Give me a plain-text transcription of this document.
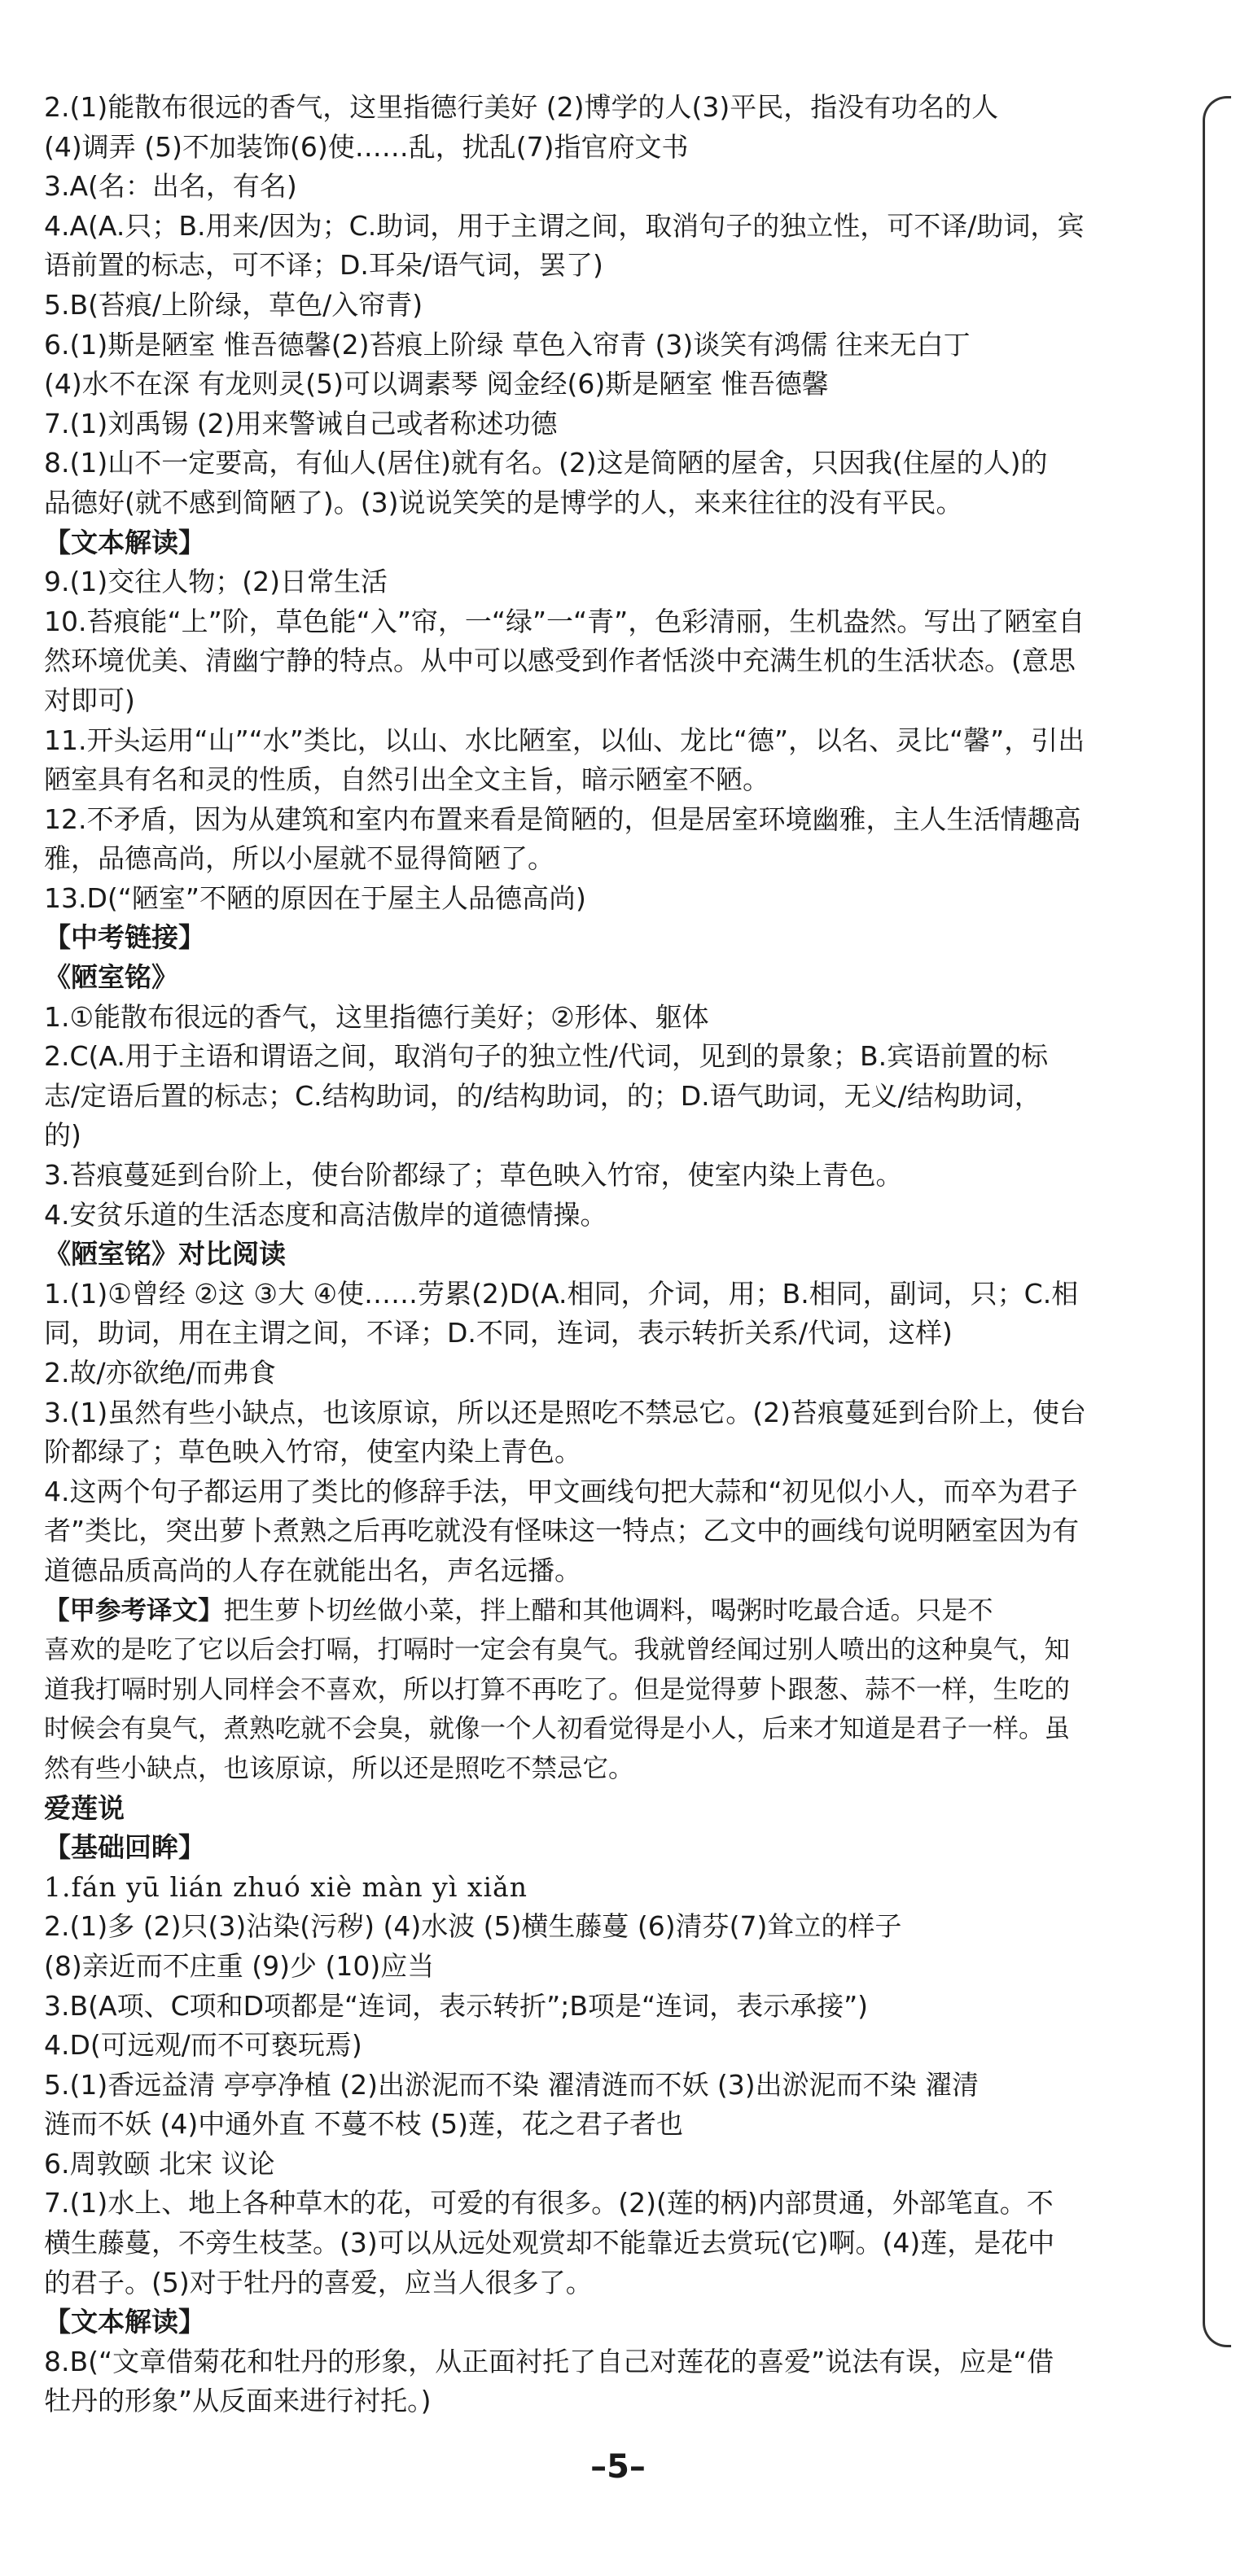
2.(1)能散布很远的香气，这里指德行美好 (2)博学的人(3)平民，指没有功名的人
(4)调弄 (5)不加装饰(6)使……乱，扰乱(7)指官府文书
3.A(名：出名，有名)
4.A(A.只；B.用来/因为；C.助词，用于主谓之间，取消句子的独立性，可不译/助词，宾
语前置的标志，可不译；D.耳朵/语气词，罢了)
5.B(苔痕/上阶绿，草色/入帘青)
6.(1)斯是陋室 惟吾德馨(2)苔痕上阶绿 草色入帘青 (3)谈笑有鸿儒 往来无白丁
(4)水不在深 有龙则灵(5)可以调素琴 阅金经(6)斯是陋室 惟吾德馨
7.(1)刘禹锡 (2)用来警诫自己或者称述功德
8.(1)山不一定要高，有仙人(居住)就有名。(2)这是简陋的屋舍，只因我(住屋的人)的
品德好(就不感到简陋了)。(3)说说笑笑的是博学的人，来来往往的没有平民。
【文本解读】
9.(1)交往人物；(2)日常生活
10.苔痕能“上”阶，草色能“入”帘，一“绿”一“青”，色彩清丽，生机盎然。写出了陋室自
然环境优美、清幽宁静的特点。从中可以感受到作者恬淡中充满生机的生活状态。(意思
对即可)
11.开头运用“山”“水”类比，以山、水比陋室，以仙、龙比“德”，以名、灵比“馨”，引出
陋室具有名和灵的性质，自然引出全文主旨，暗示陋室不陋。
12.不矛盾，因为从建筑和室内布置来看是简陋的，但是居室环境幽雅，主人生活情趣高
雅，品德高尚，所以小屋就不显得简陋了。
13.D(“陋室”不陋的原因在于屋主人品德高尚)
【中考链接】
《陋室铭》
1.①能散布很远的香气，这里指德行美好；②形体、躯体
2.C(A.用于主语和谓语之间，取消句子的独立性/代词，见到的景象；B.宾语前置的标
志/定语后置的标志；C.结构助词，的/结构助词，的；D.语气助词，无义/结构助词，
的)
3.苔痕蔓延到台阶上，使台阶都绿了；草色映入竹帘，使室内染上青色。
4.安贫乐道的生活态度和高洁傲岸的道德情操。
《陋室铭》对比阅读
1.(1)①曾经 ②这 ③大 ④使……劳累(2)D(A.相同，介词，用；B.相同，副词，只；C.相
同，助词，用在主谓之间，不译；D.不同，连词，表示转折关系/代词，这样)
2.故/亦欲绝/而弗食
3.(1)虽然有些小缺点，也该原谅，所以还是照吃不禁忌它。(2)苔痕蔓延到台阶上，使台
阶都绿了；草色映入竹帘，使室内染上青色。
4.这两个句子都运用了类比的修辞手法，甲文画线句把大蒜和“初见似小人，而卒为君子
者”类比，突出萝卜煮熟之后再吃就没有怪味这一特点；乙文中的画线句说明陋室因为有
道德品质高尚的人存在就能出名，声名远播。
【甲参考译文】把生萝卜切丝做小菜，拌上醋和其他调料，喝粥时吃最合适。只是不
喜欢的是吃了它以后会打嗝，打嗝时一定会有臭气。我就曾经闻过别人喷出的这种臭气，知
道我打嗝时别人同样会不喜欢，所以打算不再吃了。但是觉得萝卜跟葱、蒜不一样，生吃的
时候会有臭气，煮熟吃就不会臭，就像一个人初看觉得是小人，后来才知道是君子一样。虽
然有些小缺点，也该原谅，所以还是照吃不禁忌它。
爱莲说
【基础回眸】
1.fán yū lián zhuó xiè màn yì xiǎn
2.(1)多 (2)只(3)沾染(污秽) (4)水波 (5)横生藤蔓 (6)清芬(7)耸立的样子
(8)亲近而不庄重 (9)少 (10)应当
3.B(A项、C项和D项都是“连词，表示转折”;B项是“连词，表示承接”)
4.D(可远观/而不可亵玩焉)
5.(1)香远益清 亭亭净植 (2)出淤泥而不染 濯清涟而不妖 (3)出淤泥而不染 濯清
涟而不妖 (4)中通外直 不蔓不枝 (5)莲，花之君子者也
6.周敦颐 北宋 议论
7.(1)水上、地上各种草木的花，可爱的有很多。(2)(莲的柄)内部贯通，外部笔直。不
横生藤蔓，不旁生枝茎。(3)可以从远处观赏却不能靠近去赏玩(它)啊。(4)莲，是花中
的君子。(5)对于牡丹的喜爱，应当人很多了。
【文本解读】
8.B(“文章借菊花和牡丹的形象，从正面衬托了自己对莲花的喜爱”说法有误，应是“借
牡丹的形象”从反面来进行衬托。)
–5–
